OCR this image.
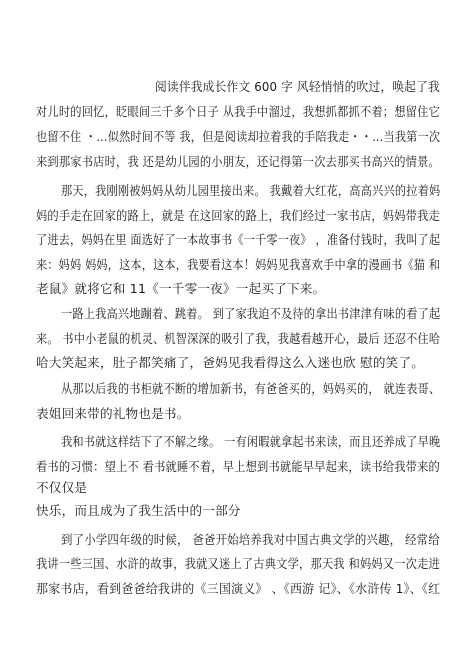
阅读伴我成长作文 600 字 风轻悄悄的吹过，唤起了我

对儿时的回忆，眨眼间三千多个日子 从我手中溜过，我想抓都抓不着；想留住它

也留不住 ・…似然时间不等 我，但是阅读却拉着我的手陪我走・・…当我第一次

来到那家书店时，我 还是幼儿园的小朋友，还记得第一次去那买书高兴的情景。

那天，我刚刚被妈妈从幼儿园里接出来。 我戴着大红花，高高兴兴的拉着妈

妈的手走在回家的路上，就是 在这回家的路上，我们经过一家书店，妈妈带我走

了进去，妈妈在里 面选好了一本故事书《一千零一夜》 ，准备付钱时，我叫了起

来：妈妈 妈妈，这本，这本，我要看这本！妈妈见我喜欢手中拿的漫画书《猫 和

老鼠》就将它和 11《一千零一夜》一起买了下来。

一路上我高兴地蹦着、跳着。 到了家我迫不及待的拿出书津津有味的看了起

来。 书中小老鼠的机灵、机智深深的吸引了我，我越看越开心，最后 还忍不住哈

哈大笑起来，肚子都笑痛了，爸妈见我看得这么入迷也欣 慰的笑了。

从那以后我的书柜就不断的增加新书，有爸爸买的，妈妈买的， 就连表哥、

表姐回来带的礼物也是书。

我和书就这样结下了不解之缘。 一有闲暇就拿起书来读，而且还养成了早晚

看书的习惯：望上不 看书就睡不着，早上想到书就能早早起来，读书给我带来的

不仅仅是

快乐，而且成为了我生活中的一部分

到了小学四年级的时候， 爸爸开始培养我对中国古典文学的兴趣， 经常给

我讲一些三国、水浒的故事，我就又迷上了古典文学，那天我 和妈妈又一次走进

那家书店，看到爸爸给我讲的《三国演义》 、《西游 记》、《水浒传 1》、《红
